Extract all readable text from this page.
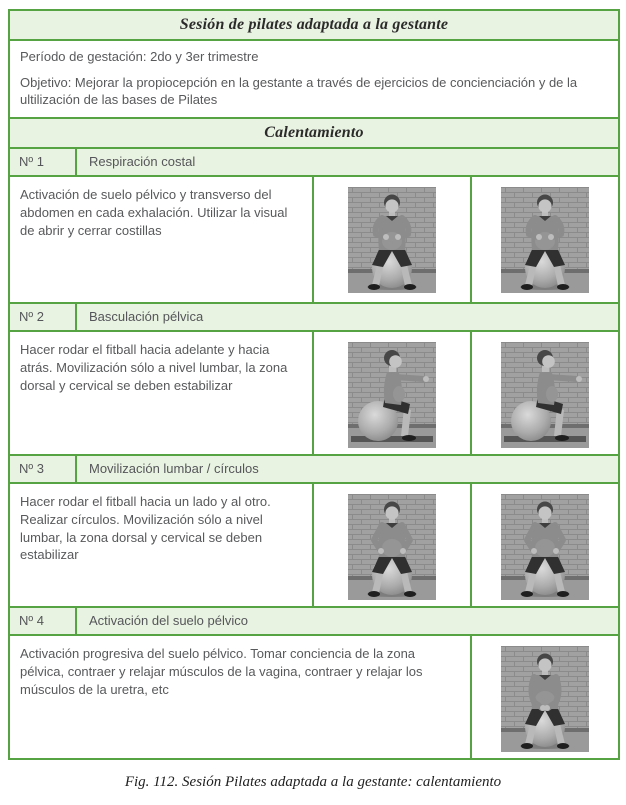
Sesión de pilates adaptada a la gestante			

Período de gestación: 2do y 3er trimestre

Objetivo: Mejorar la propiocepción en la gestante a través de ejercicios de concienciación y de la ultilización de las bases de Pilates			

Calentamiento			
Nº 1	Respiración costal		
Activación de suelo pélvico y transverso del abdomen en cada exhalación. Utilizar la visual de abrir y cerrar costillas	

Nº 2	Basculación pélvica		
Hacer rodar el fitball hacia adelante y hacia atrás. Movilización sólo a nivel lumbar, la zona dorsal y cervical se deben estabilizar	

Nº 3	Movilización lumbar / círculos		
Hacer rodar el fitball hacia un lado y al otro. Realizar círculos. Movilización sólo a nivel lumbar, la zona dorsal y cervical se deben estabilizar	

Nº 4	Activación del suelo pélvico		
Activación progresiva del suelo pélvico. Tomar conciencia de la zona pélvica, contraer y relajar músculos de la vagina, contraer y relajar los músculos de la uretra, etc	
Fig. 112. Sesión Pilates adaptada a la gestante: calentamiento
